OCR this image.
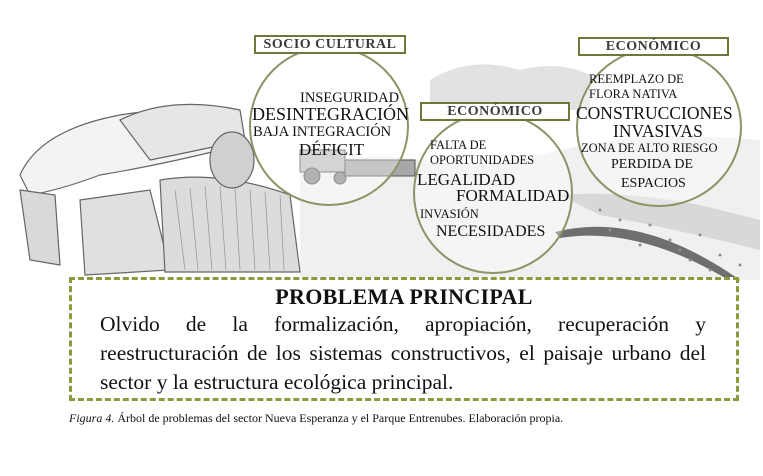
SOCIO CULTURAL
INSEGURIDAD
DESINTEGRACIÓN
BAJA INTEGRACIÓN
DÉFICIT
ECONÓMICO
FALTA DE
OPORTUNIDADES
LEGALIDAD
FORMALIDAD
INVASIÓN
NECESIDADES
ECONÓMICO
REEMPLAZO DE
FLORA NATIVA
CONSTRUCCIONES
INVASIVAS
ZONA DE ALTO RIESGO
PERDIDA DE
ESPACIOS
PROBLEMA PRINCIPAL
Olvido de la formalización, apropiación, recuperación y reestructuración de los sistemas constructivos, el paisaje urbano del sector y la estructura ecológica principal.
Figura 4. Árbol de problemas del sector Nueva Esperanza y el Parque Entrenubes. Elaboración propia.
